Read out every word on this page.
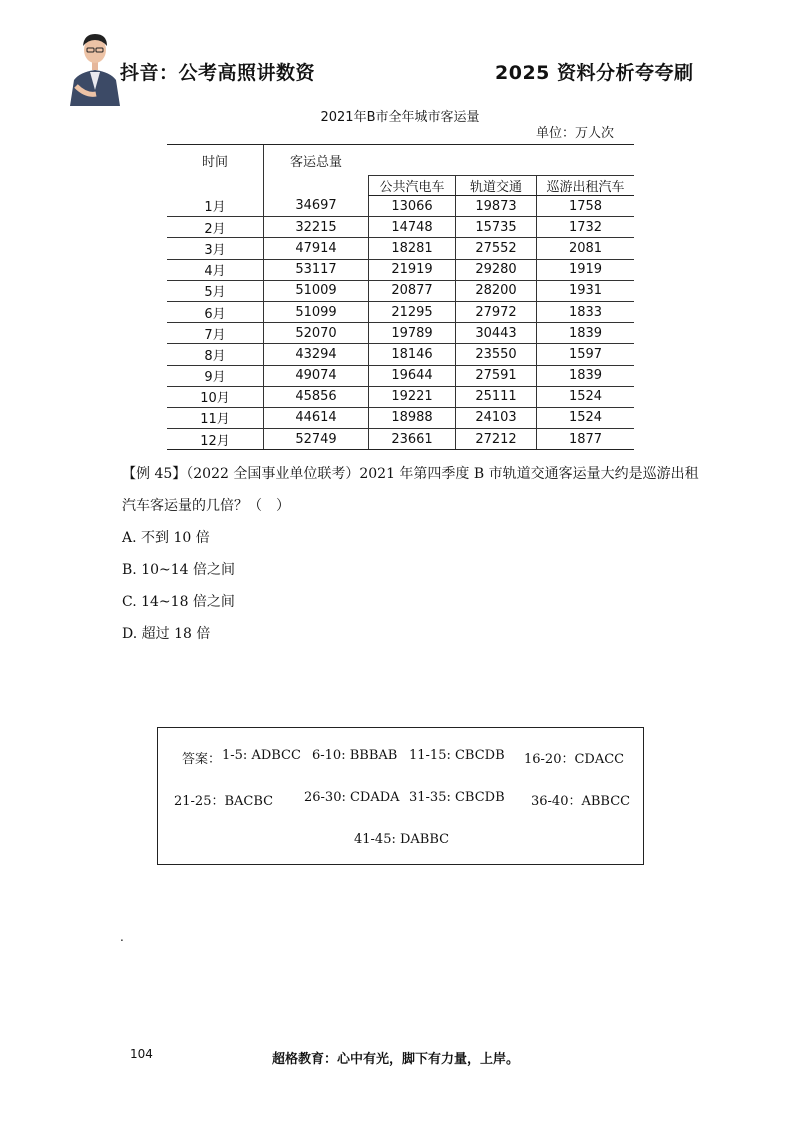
抖音：公考高照讲数资	2025 资料分析夸夸刷
2021年B市全年城市客运量
单位：万人次
时间	客运总量			
		公共汽电车	轨道交通	巡游出租汽车
1月	34697	13066	19873	1758
2月	32215	14748	15735	1732
3月	47914	18281	27552	2081
4月	53117	21919	29280	1919
5月	51009	20877	28200	1931
6月	51099	21295	27972	1833
7月	52070	19789	30443	1839
8月	43294	18146	23550	1597
9月	49074	19644	27591	1839
10月	45856	19221	25111	1524
11月	44614	18988	24103	1524
12月	52749	23661	27212	1877
【例 45】（2022 全国事业单位联考）2021 年第四季度 B 市轨道交通客运量大约是巡游出租
汽车客运量的几倍？（　）
A. 不到 10 倍
B. 10~14 倍之间
C. 14~18 倍之间
D. 超过 18 倍
答案： 1-5: ADBCC 6-10: BBBAB 11-15: CBCDB 16-20：CDACC
21-25：BACBC 26-30: CDADA 31-35: CBCDB 36-40：ABBCC
41-45: DABBC
.
104	超格教育：心中有光，脚下有力量，上岸。
